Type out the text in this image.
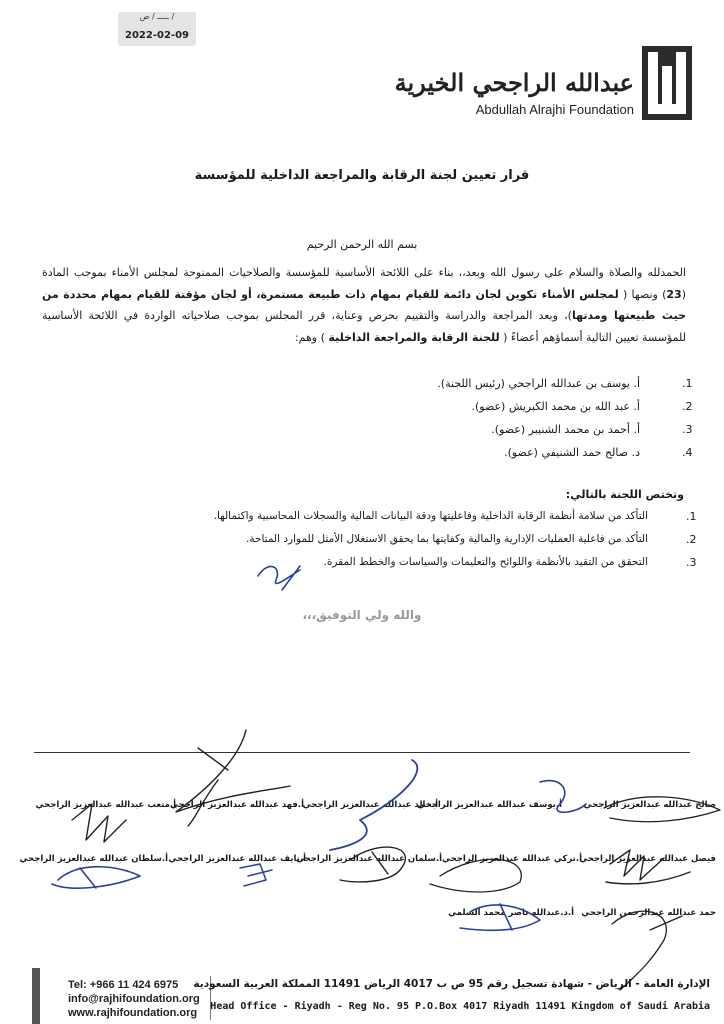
ـــــ / ص /
2022-02-09
عبدالله الراجحي الخيرية
Abdullah Alrajhi Foundation
قرار تعيين لجنة الرقابة والمراجعة الداخلية للمؤسسة
بسم الله الرحمن الرحيم
الحمدلله والصلاة والسلام على رسول الله وبعد،، بناء على اللائحة الأساسية للمؤسسة والصلاحيات الممنوحة لمجلس الأمناء بموجب المادة (23) ونصها ( لمجلس الأمناء تكوين لجان دائمة للقيام بمهام ذات طبيعة مستمرة، أو لجان مؤقتة للقيام بمهام محددة من حيث طبيعتها ومدتها)، وبعد المراجعة والدراسة والتقييم بحرص وعناية، قرر المجلس بموجب صلاحياته الواردة في اللائحة الأساسية للمؤسسة تعيين التالية أسماؤهم أعضاءً ( للجنة الرقابة والمراجعة الداخلية ) وهم:
.1
أ. يوسف بن عبدالله الراجحي (رئيس اللجنة).
.2
أ. عبد الله بن محمد الكبريش (عضو).
.3
أ. أحمد بن محمد الشنيبر (عضو).
.4
د. صالح حمد الشنيفي (عضو).
وتختص اللجنة بالتالي:
.1
التأكد من سلامة أنظمة الرقابة الداخلية وفاعليتها ودقة البيانات المالية والسجلات المحاسبية واكتمالها.
.2
التأكد من فاعلية العمليات الإدارية والمالية وكفايتها بما يحقق الاستغلال الأمثل للموارد المتاحة.
.3
التحقق من التقيد بالأنظمة واللوائح والتعليمات والسياسات والخطط المقرة.
والله ولي التوفيق،،،
صالح عبدالله عبدالعزيز الراجحي
أ.يوسف عبدالله عبدالعزيز الراجحي
أ.خالد عبدالله عبدالعزيز الراجحي
أ.فهد عبدالله عبدالعزيز الراجحي
أ.متعب عبدالله عبدالعزيز الراجحي
فيصل عبدالله عبدالعزيز الراجحي
أ.تركي عبدالله عبدالعزيز الراجحي
أ.سلمان عبدالله عبدالعزيز الراجحي
أ.نايف عبدالله عبدالعزيز الراجحي
أ.سلطان عبدالله عبدالعزيز الراجحي
حمد عبدالله عبدالرحمن الراجحي
أ.د.عبدالله ناصر محمد السلمي
Tel: +966 11 424 6975
info@rajhifoundation.org
www.rajhifoundation.org
الإدارة العامة - الرياض - شهادة تسجيل رقم 95 ص ب 4017 الرياض 11491 المملكة العربية السعودية
Head Office - Riyadh - Reg No. 95 P.O.Box 4017 Riyadh 11491 Kingdom of Saudi Arabia
